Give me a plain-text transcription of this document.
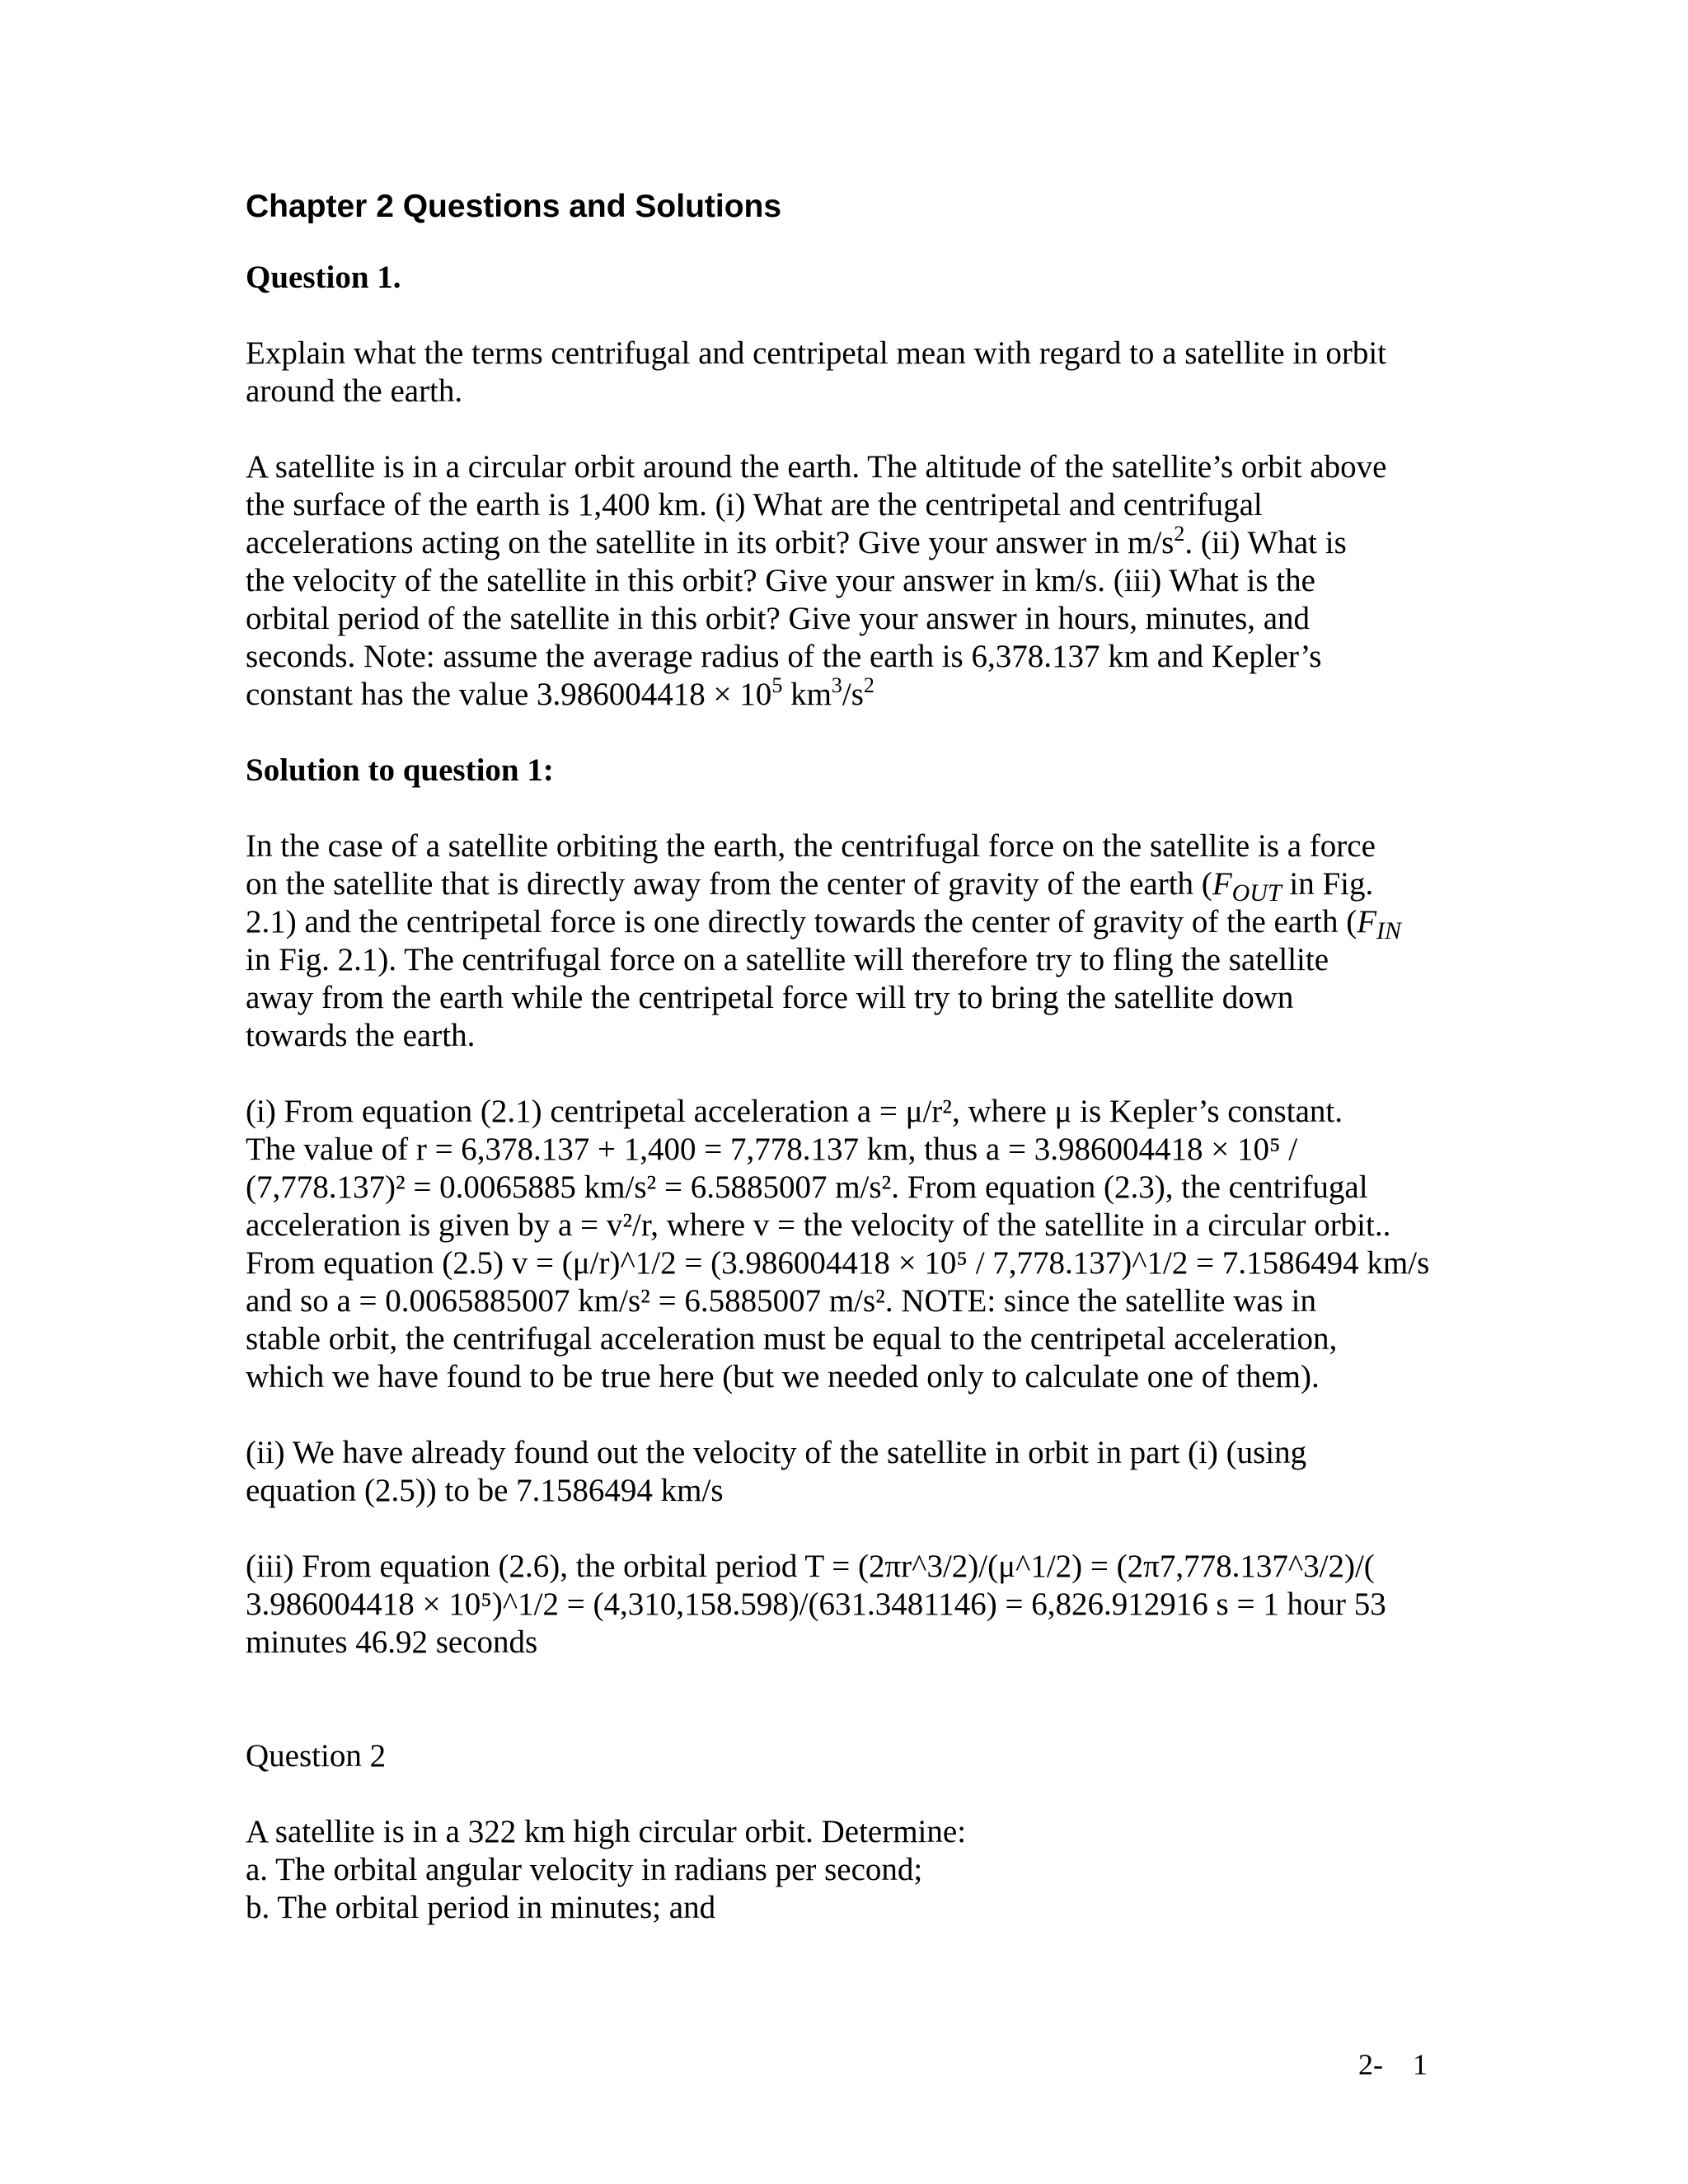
Chapter 2 Questions and Solutions
Question 1.
Explain what the terms centrifugal and centripetal mean with regard to a satellite in orbit
around the earth.
A satellite is in a circular orbit around the earth. The altitude of the satellite’s orbit above
the surface of the earth is 1,400 km. (i) What are the centripetal and centrifugal
accelerations acting on the satellite in its orbit? Give your answer in $m/s^2$. (ii) What is
the velocity of the satellite in this orbit? Give your answer in km/s. (iii) What is the
orbital period of the satellite in this orbit? Give your answer in hours, minutes, and
seconds. Note: assume the average radius of the earth is 6,378.137 km and Kepler’s
constant has the value $3.986004418 \times 10^5$ $km^3/s^2$
Solution to question 1:
In the case of a satellite orbiting the earth, the centrifugal force on the satellite is a force
on the satellite that is directly away from the center of gravity of the earth ($F_{OUT}$ in Fig.
2.1) and the centripetal force is one directly towards the center of gravity of the earth ($F_{IN}$
in Fig. 2.1). The centrifugal force on a satellite will therefore try to fling the satellite
away from the earth while the centripetal force will try to bring the satellite down
towards the earth.
(i) From equation (2.1) centripetal acceleration a = μ/r², where μ is Kepler’s constant.
The value of r = 6,378.137 + 1,400 = 7,778.137 km, thus a = 3.986004418 × 10⁵ /
(7,778.137)² = 0.0065885 km/s² = 6.5885007 m/s². From equation (2.3), the centrifugal
acceleration is given by a = v²/r, where v = the velocity of the satellite in a circular orbit..
From equation (2.5) v = (μ/r)^1/2 = (3.986004418 × 10⁵ / 7,778.137)^1/2 = 7.1586494 km/s
and so a = 0.0065885007 km/s² = 6.5885007 m/s². NOTE: since the satellite was in
stable orbit, the centrifugal acceleration must be equal to the centripetal acceleration,
which we have found to be true here (but we needed only to calculate one of them).
(ii) We have already found out the velocity of the satellite in orbit in part (i) (using
equation (2.5)) to be 7.1586494 km/s
(iii) From equation (2.6), the orbital period T = (2πr^3/2)/(μ^1/2) = (2π7,778.137^3/2)/(
3.986004418 × 10⁵)^1/2 = (4,310,158.598)/(631.3481146) = 6,826.912916 s = 1 hour 53
minutes 46.92 seconds
Question 2
A satellite is in a 322 km high circular orbit. Determine:
a. The orbital angular velocity in radians per second;
b. The orbital period in minutes; and
2-    1
